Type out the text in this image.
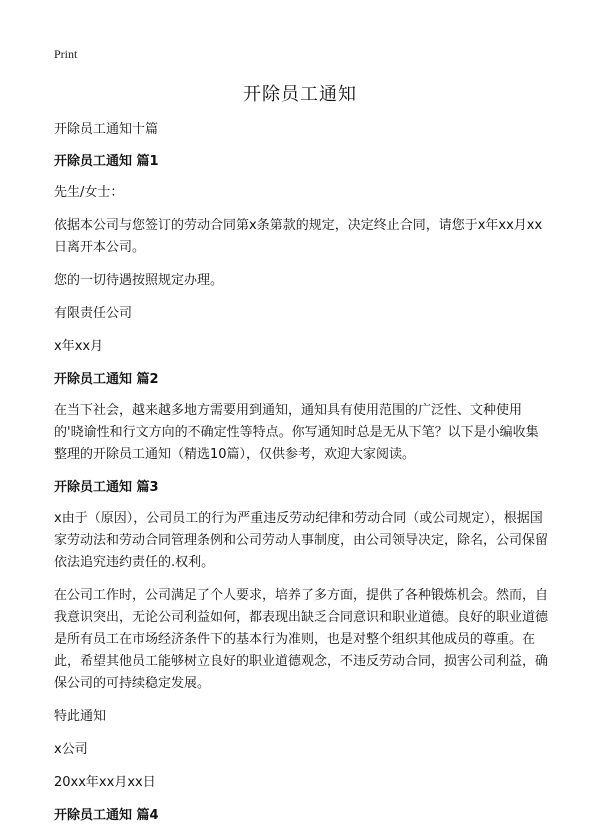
Print
开除员工通知

开除员工通知十篇

开除员工通知 篇1

先生/女士：

依据本公司与您签订的劳动合同第x条第款的规定，决定终止合同，请您于x年xx月xx日离开本公司。

您的一切待遇按照规定办理。

有限责任公司

x年xx月

开除员工通知 篇2

在当下社会，越来越多地方需要用到通知，通知具有使用范围的广泛性、文种使用的'晓谕性和行文方向的不确定性等特点。你写通知时总是无从下笔？以下是小编收集整理的开除员工通知（精选10篇），仅供参考，欢迎大家阅读。

开除员工通知 篇3

x由于（原因），公司员工的行为严重违反劳动纪律和劳动合同（或公司规定），根据国家劳动法和劳动合同管理条例和公司劳动人事制度，由公司领导决定，除名，公司保留依法追究违约责任的.权利。

在公司工作时，公司满足了个人要求，培养了多方面，提供了各种锻炼机会。然而，自我意识突出，无论公司利益如何，都表现出缺乏合同意识和职业道德。良好的职业道德是所有员工在市场经济条件下的基本行为准则，也是对整个组织其他成员的尊重。在此，希望其他员工能够树立良好的职业道德观念，不违反劳动合同，损害公司利益，确保公司的可持续稳定发展。

特此通知

x公司

20xx年xx月xx日

开除员工通知 篇4
